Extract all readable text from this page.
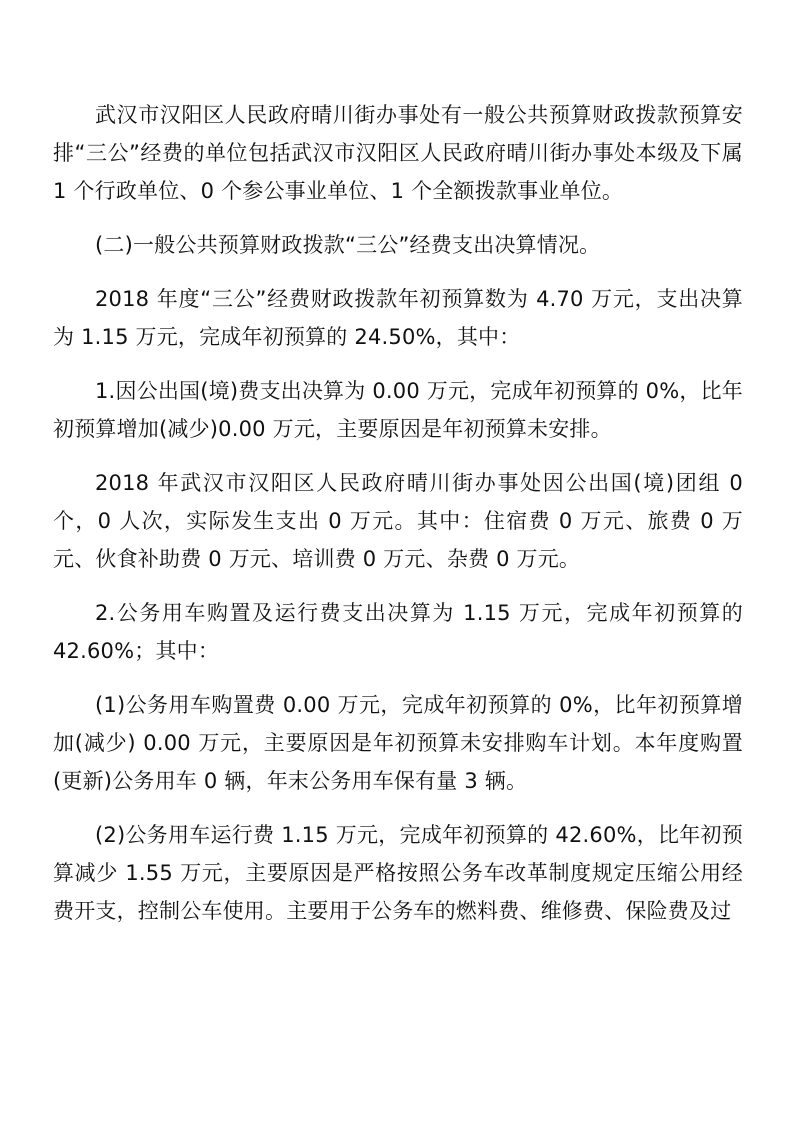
武汉市汉阳区人民政府晴川街办事处有一般公共预算财政拨款预算安排“三公”经费的单位包括武汉市汉阳区人民政府晴川街办事处本级及下属 1 个行政单位、0 个参公事业单位、1 个全额拨款事业单位。

(二)一般公共预算财政拨款“三公”经费支出决算情况。

2018 年度“三公”经费财政拨款年初预算数为 4.70 万元，支出决算为 1.15 万元，完成年初预算的 24.50%，其中：

1.因公出国(境)费支出决算为 0.00 万元，完成年初预算的 0%，比年初预算增加(减少)0.00 万元，主要原因是年初预算未安排。

2018 年武汉市汉阳区人民政府晴川街办事处因公出国(境)团组 0 个，0 人次，实际发生支出 0 万元。其中：住宿费 0 万元、旅费 0 万元、伙食补助费 0 万元、培训费 0 万元、杂费 0 万元。

2.公务用车购置及运行费支出决算为 1.15 万元，完成年初预算的 42.60%；其中：

(1)公务用车购置费 0.00 万元，完成年初预算的 0%，比年初预算增加(减少) 0.00 万元，主要原因是年初预算未安排购车计划。本年度购置(更新)公务用车 0 辆，年末公务用车保有量 3 辆。

(2)公务用车运行费 1.15 万元，完成年初预算的 42.60%，比年初预算减少 1.55 万元，主要原因是严格按照公务车改革制度规定压缩公用经费开支，控制公车使用。主要用于公务车的燃料费、维修费、保险费及过
